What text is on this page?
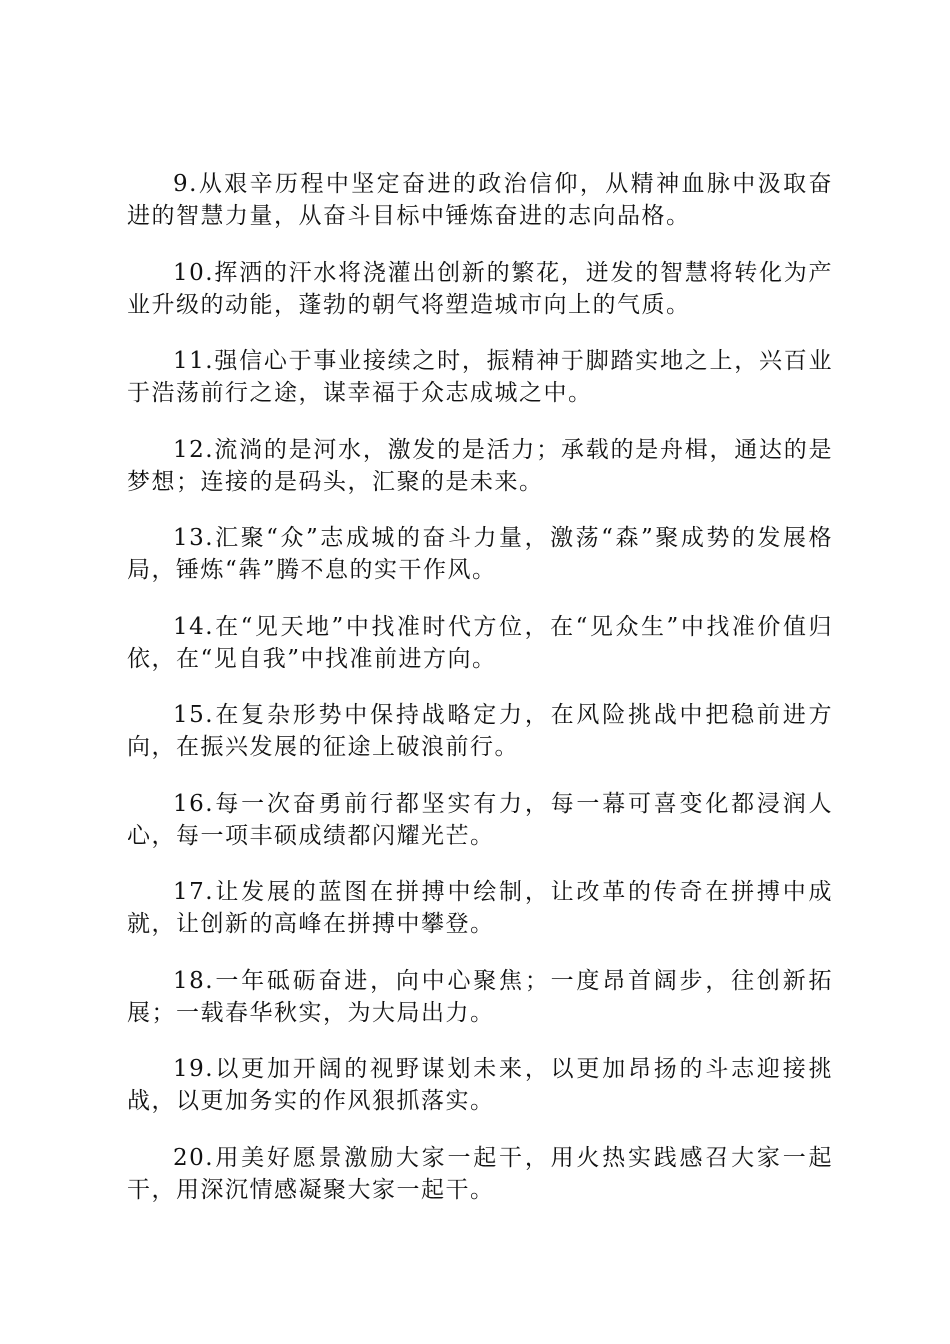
9.从艰辛历程中坚定奋进的政治信仰，从精神血脉中汲取奋进的智慧力量，从奋斗目标中锤炼奋进的志向品格。

10.挥洒的汗水将浇灌出创新的繁花，迸发的智慧将转化为产业升级的动能，蓬勃的朝气将塑造城市向上的气质。

11.强信心于事业接续之时，振精神于脚踏实地之上，兴百业于浩荡前行之途，谋幸福于众志成城之中。

12.流淌的是河水，激发的是活力；承载的是舟楫，通达的是梦想；连接的是码头，汇聚的是未来。

13.汇聚“众”志成城的奋斗力量，激荡“森”聚成势的发展格局，锤炼“犇”腾不息的实干作风。

14.在“见天地”中找准时代方位，在“见众生”中找准价值归依，在“见自我”中找准前进方向。

15.在复杂形势中保持战略定力，在风险挑战中把稳前进方向，在振兴发展的征途上破浪前行。

16.每一次奋勇前行都坚实有力，每一幕可喜变化都浸润人心，每一项丰硕成绩都闪耀光芒。

17.让发展的蓝图在拼搏中绘制，让改革的传奇在拼搏中成就，让创新的高峰在拼搏中攀登。

18.一年砥砺奋进，向中心聚焦；一度昂首阔步，往创新拓展；一载春华秋实，为大局出力。

19.以更加开阔的视野谋划未来，以更加昂扬的斗志迎接挑战，以更加务实的作风狠抓落实。

20.用美好愿景激励大家一起干，用火热实践感召大家一起干，用深沉情感凝聚大家一起干。
